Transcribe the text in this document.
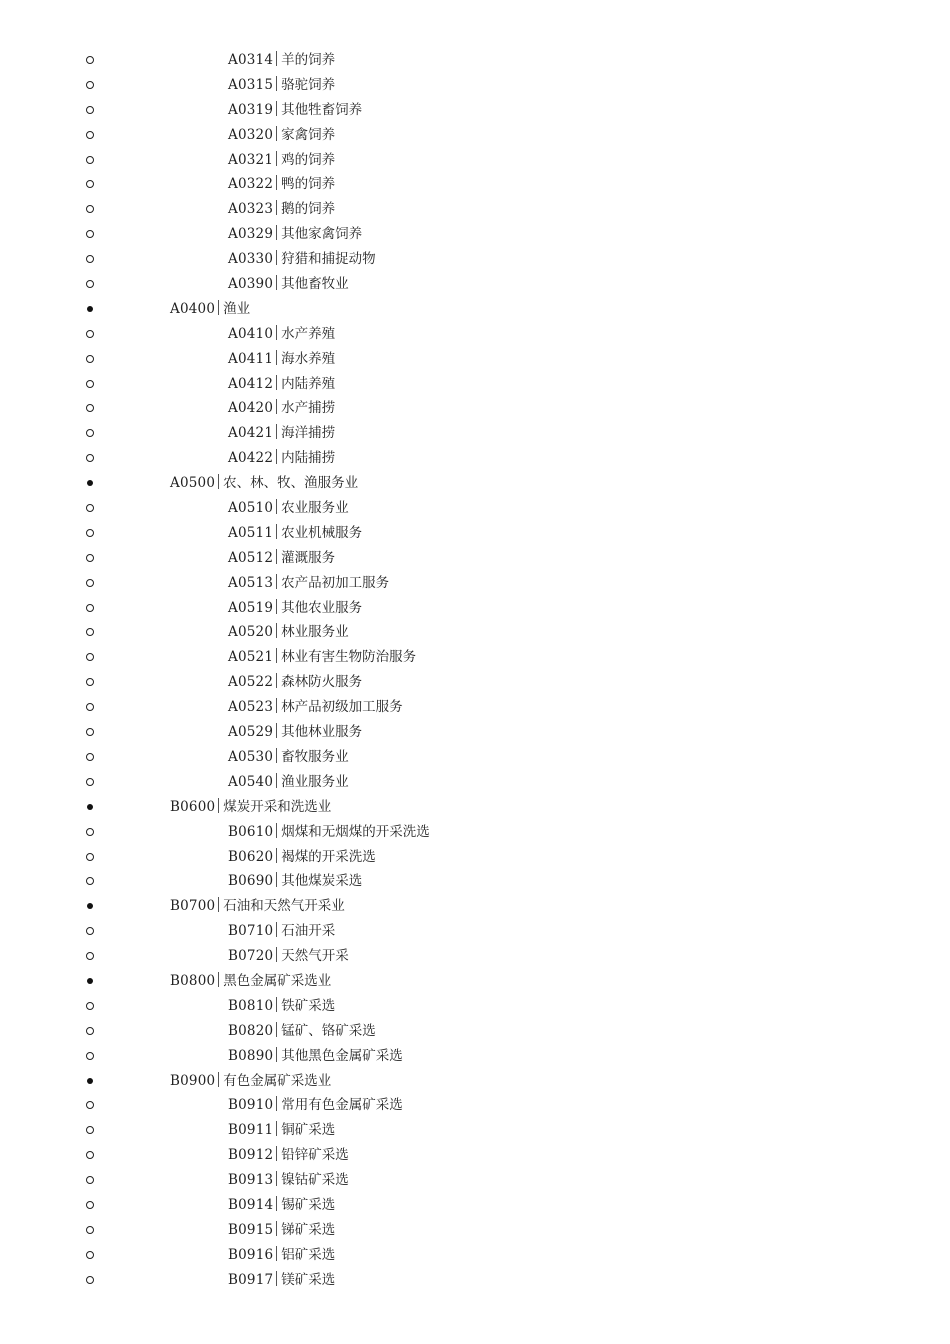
A0314 羊的饲养
A0315 骆驼饲养
A0319 其他牲畜饲养
A0320 家禽饲养
A0321 鸡的饲养
A0322 鸭的饲养
A0323 鹅的饲养
A0329 其他家禽饲养
A0330 狩猎和捕捉动物
A0390 其他畜牧业
A0400 渔业
A0410 水产养殖
A0411 海水养殖
A0412 内陆养殖
A0420 水产捕捞
A0421 海洋捕捞
A0422 内陆捕捞
A0500 农、林、牧、渔服务业
A0510 农业服务业
A0511 农业机械服务
A0512 灌溉服务
A0513 农产品初加工服务
A0519 其他农业服务
A0520 林业服务业
A0521 林业有害生物防治服务
A0522 森林防火服务
A0523 林产品初级加工服务
A0529 其他林业服务
A0530 畜牧服务业
A0540 渔业服务业
B0600 煤炭开采和洗选业
B0610 烟煤和无烟煤的开采洗选
B0620 褐煤的开采洗选
B0690 其他煤炭采选
B0700 石油和天然气开采业
B0710 石油开采
B0720 天然气开采
B0800 黑色金属矿采选业
B0810 铁矿采选
B0820 锰矿、铬矿采选
B0890 其他黑色金属矿采选
B0900 有色金属矿采选业
B0910 常用有色金属矿采选
B0911 铜矿采选
B0912 铅锌矿采选
B0913 镍钴矿采选
B0914 锡矿采选
B0915 锑矿采选
B0916 铝矿采选
B0917 镁矿采选
